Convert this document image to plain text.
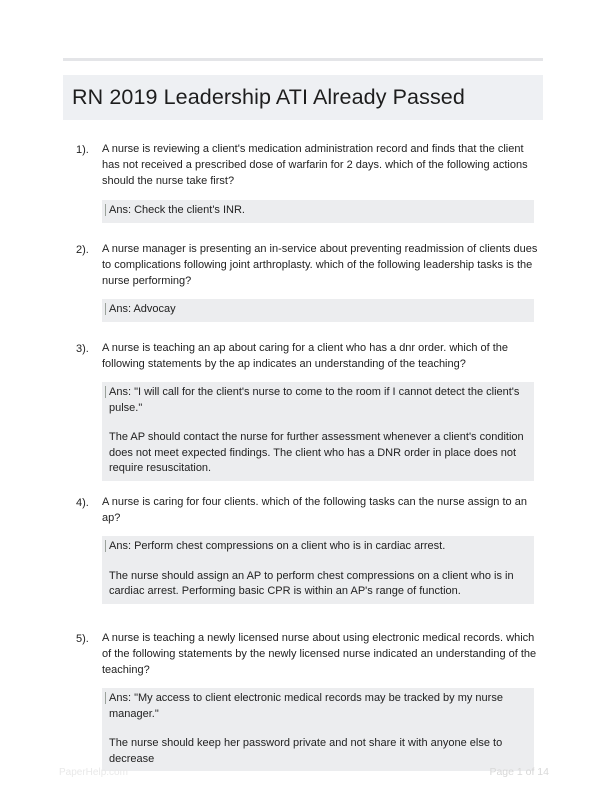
RN 2019 Leadership ATI Already Passed
1). A nurse is reviewing a client's medication administration record and finds that the client has not received a prescribed dose of warfarin for 2 days. which of the following actions should the nurse take first?

Ans: Check the client's INR.

2). A nurse manager is presenting an in-service about preventing readmission of clients dues to complications following joint arthroplasty. which of the following leadership tasks is the nurse performing?

Ans: Advocay

3). A nurse is teaching an ap about caring for a client who has a dnr order. which of the following statements by the ap indicates an understanding of the teaching?

Ans: "I will call for the client's nurse to come to the room if I cannot detect the client's pulse."

The AP should contact the nurse for further assessment whenever a client's condition does not meet expected findings. The client who has a DNR order in place does not require resuscitation.

4). A nurse is caring for four clients. which of the following tasks can the nurse assign to an ap?

Ans: Perform chest compressions on a client who is in cardiac arrest.

The nurse should assign an AP to perform chest compressions on a client who is in cardiac arrest. Performing basic CPR is within an AP's range of function.

5). A nurse is teaching a newly licensed nurse about using electronic medical records. which of the following statements by the newly licensed nurse indicated an understanding of the teaching?

Ans: "My access to client electronic medical records may be tracked by my nurse manager."

The nurse should keep her password private and not share it with anyone else to decrease

PaperHelp.com	Page 1 of 14
